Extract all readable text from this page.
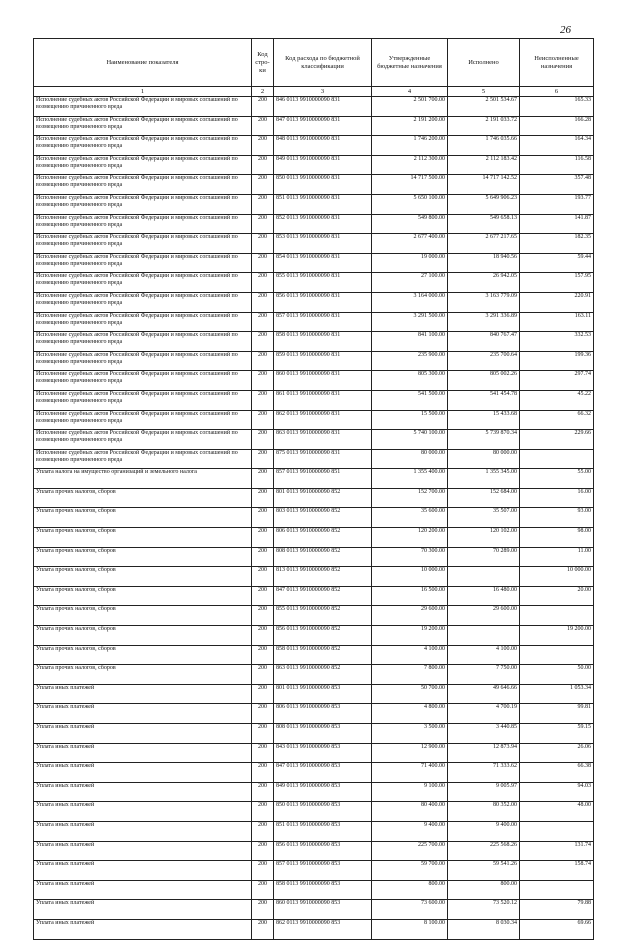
26
Наименование показателя	Код стро-ки	Код расхода по бюджетной классификации	Утвержденные бюджетные назначения	Исполнено	Неисполненные назначения
1	2	3	4	5	6
Исполнение судебных актов Российской Федерации и мировых соглашений по возмещению причиненного вреда	200	846 0113 9910000090 831	2 501 700.00	2 501 534.67	165.33
Исполнение судебных актов Российской Федерации и мировых соглашений по возмещению причиненного вреда	200	847 0113 9910000090 831	2 191 200.00	2 191 033.72	166.28
Исполнение судебных актов Российской Федерации и мировых соглашений по возмещению причиненного вреда	200	848 0113 9910000090 831	1 746 200.00	1 746 035.66	164.34
Исполнение судебных актов Российской Федерации и мировых соглашений по возмещению причиненного вреда	200	849 0113 9910000090 831	2 112 300.00	2 112 183.42	116.58
Исполнение судебных актов Российской Федерации и мировых соглашений по возмещению причиненного вреда	200	850 0113 9910000090 831	14 717 500.00	14 717 142.52	357.48
Исполнение судебных актов Российской Федерации и мировых соглашений по возмещению причиненного вреда	200	851 0113 9910000090 831	5 650 100.00	5 649 906.23	193.77
Исполнение судебных актов Российской Федерации и мировых соглашений по возмещению причиненного вреда	200	852 0113 9910000090 831	549 800.00	549 658.13	141.87
Исполнение судебных актов Российской Федерации и мировых соглашений по возмещению причиненного вреда	200	853 0113 9910000090 831	2 677 400.00	2 677 217.65	182.35
Исполнение судебных актов Российской Федерации и мировых соглашений по возмещению причиненного вреда	200	854 0113 9910000090 831	19 000.00	18 940.56	59.44
Исполнение судебных актов Российской Федерации и мировых соглашений по возмещению причиненного вреда	200	855 0113 9910000090 831	27 100.00	26 942.05	157.95
Исполнение судебных актов Российской Федерации и мировых соглашений по возмещению причиненного вреда	200	856 0113 9910000090 831	3 164 000.00	3 163 779.09	220.91
Исполнение судебных актов Российской Федерации и мировых соглашений по возмещению причиненного вреда	200	857 0113 9910000090 831	3 291 500.00	3 291 336.89	163.11
Исполнение судебных актов Российской Федерации и мировых соглашений по возмещению причиненного вреда	200	858 0113 9910000090 831	841 100.00	840 767.47	332.53
Исполнение судебных актов Российской Федерации и мировых соглашений по возмещению причиненного вреда	200	859 0113 9910000090 831	235 900.00	235 700.64	199.36
Исполнение судебных актов Российской Федерации и мировых соглашений по возмещению причиненного вреда	200	860 0113 9910000090 831	805 300.00	805 002.26	297.74
Исполнение судебных актов Российской Федерации и мировых соглашений по возмещению причиненного вреда	200	861 0113 9910000090 831	541 500.00	541 454.78	45.22
Исполнение судебных актов Российской Федерации и мировых соглашений по возмещению причиненного вреда	200	862 0113 9910000090 831	15 500.00	15 433.68	66.32
Исполнение судебных актов Российской Федерации и мировых соглашений по возмещению причиненного вреда	200	863 0113 9910000090 831	5 740 100.00	5 739 870.34	229.66
Исполнение судебных актов Российской Федерации и мировых соглашений по возмещению причиненного вреда	200	875 0113 9910000090 831	80 000.00	80 000.00	
Уплата налога на имущество организаций и земельного налога	200	857 0113 9910000090 851	1 355 400.00	1 355 345.00	55.00
Уплата прочих налогов, сборов	200	801 0113 9910000090 852	152 700.00	152 684.00	16.00
Уплата прочих налогов, сборов	200	803 0113 9910000090 852	35 600.00	35 507.00	93.00
Уплата прочих налогов, сборов	200	806 0113 9910000090 852	120 200.00	120 102.00	98.00
Уплата прочих налогов, сборов	200	808 0113 9910000090 852	70 300.00	70 289.00	11.00
Уплата прочих налогов, сборов	200	813 0113 9910000090 852	10 000.00		10 000.00
Уплата прочих налогов, сборов	200	847 0113 9910000090 852	16 500.00	16 480.00	20.00
Уплата прочих налогов, сборов	200	855 0113 9910000090 852	29 600.00	29 600.00	
Уплата прочих налогов, сборов	200	856 0113 9910000090 852	19 200.00		19 200.00
Уплата прочих налогов, сборов	200	858 0113 9910000090 852	4 100.00	4 100.00	
Уплата прочих налогов, сборов	200	863 0113 9910000090 852	7 800.00	7 750.00	50.00
Уплата иных платежей	200	801 0113 9910000090 853	50 700.00	49 646.66	1 053.34
Уплата иных платежей	200	806 0113 9910000090 853	4 800.00	4 700.19	99.81
Уплата иных платежей	200	808 0113 9910000090 853	3 500.00	3 440.85	59.15
Уплата иных платежей	200	843 0113 9910000090 853	12 900.00	12 873.94	26.06
Уплата иных платежей	200	847 0113 9910000090 853	71 400.00	71 333.62	66.38
Уплата иных платежей	200	849 0113 9910000090 853	9 100.00	9 005.97	94.03
Уплата иных платежей	200	850 0113 9910000090 853	80 400.00	80 352.00	48.00
Уплата иных платежей	200	851 0113 9910000090 853	9 400.00	9 400.00	
Уплата иных платежей	200	856 0113 9910000090 853	225 700.00	225 568.26	131.74
Уплата иных платежей	200	857 0113 9910000090 853	59 700.00	59 541.26	158.74
Уплата иных платежей	200	858 0113 9910000090 853	800.00	800.00	
Уплата иных платежей	200	860 0113 9910000090 853	73 600.00	73 520.12	79.88
Уплата иных платежей	200	862 0113 9910000090 853	8 100.00	8 030.34	69.66
